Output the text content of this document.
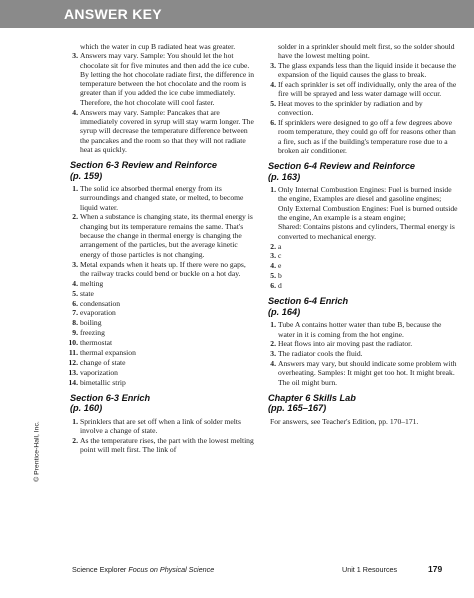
ANSWER KEY

which the water in cup B radiated heat was greater.

3. Answers may vary. Sample: You should let the hot chocolate sit for five minutes and then add the ice cube. By letting the hot chocolate radiate first, the difference in temperature between the hot chocolate and the room is greater than if you added the ice cube immediately. Therefore, the hot chocolate will cool faster.
4. Answers may vary. Sample: Pancakes that are immediately covered in syrup will stay warm longer. The syrup will decrease the temperature difference between the pancakes and the room so that they will not radiate heat as quickly.
Section 6-3 Review and Reinforce
(p. 159)
1. The solid ice absorbed thermal energy from its surroundings and changed state, or melted, to become liquid water.
2. When a substance is changing state, its thermal energy is changing but its temperature remains the same. That's because the change in thermal energy is changing the arrangement of the particles, but the average kinetic energy of those particles is not changing.
3. Metal expands when it heats up. If there were no gaps, the railway tracks could bend or buckle on a hot day.
4. melting
5. state
6. condensation
7. evaporation
8. boiling
9. freezing
10. thermostat
11. thermal expansion
12. change of state
13. vaporization
14. bimetallic strip
Section 6-3 Enrich
(p. 160)
1. Sprinklers that are set off when a link of solder melts involve a change of state.
2. As the temperature rises, the part with the lowest melting point will melt first. The link of

solder in a sprinkler should melt first, so the solder should have the lowest melting point.

3. The glass expands less than the liquid inside it because the expansion of the liquid causes the glass to break.
4. If each sprinkler is set off individually, only the area of the fire will be sprayed and less water damage will occur.
5. Heat moves to the sprinkler by radiation and by convection.
6. If sprinklers were designed to go off a few degrees above room temperature, they could go off for reasons other than a fire, such as if the building's temperature rose due to a broken air conditioner.
Section 6-4 Review and Reinforce
(p. 163)
1. Only Internal Combustion Engines: Fuel is burned inside the engine, Examples are diesel and gasoline engines;
Only External Combustion Engines: Fuel is burned outside the engine, An example is a steam engine;
Shared: Contains pistons and cylinders, Thermal energy is converted to mechanical energy.
2. a
3. c
4. e
5. b
6. d
Section 6-4 Enrich
(p. 164)
1. Tube A contains hotter water than tube B, because the water in it is coming from the hot engine.
2. Heat flows into air moving past the radiator.
3. The radiator cools the fluid.
4. Answers may vary, but should indicate some problem with overheating. Samples: It might get too hot. It might break. The oil might burn.
Chapter 6 Skills Lab
(pp. 165–167)

For answers, see Teacher's Edition, pp. 170–171.

© Prentice-Hall, Inc.
Science Explorer Focus on Physical Science	Unit 1 Resources	179
